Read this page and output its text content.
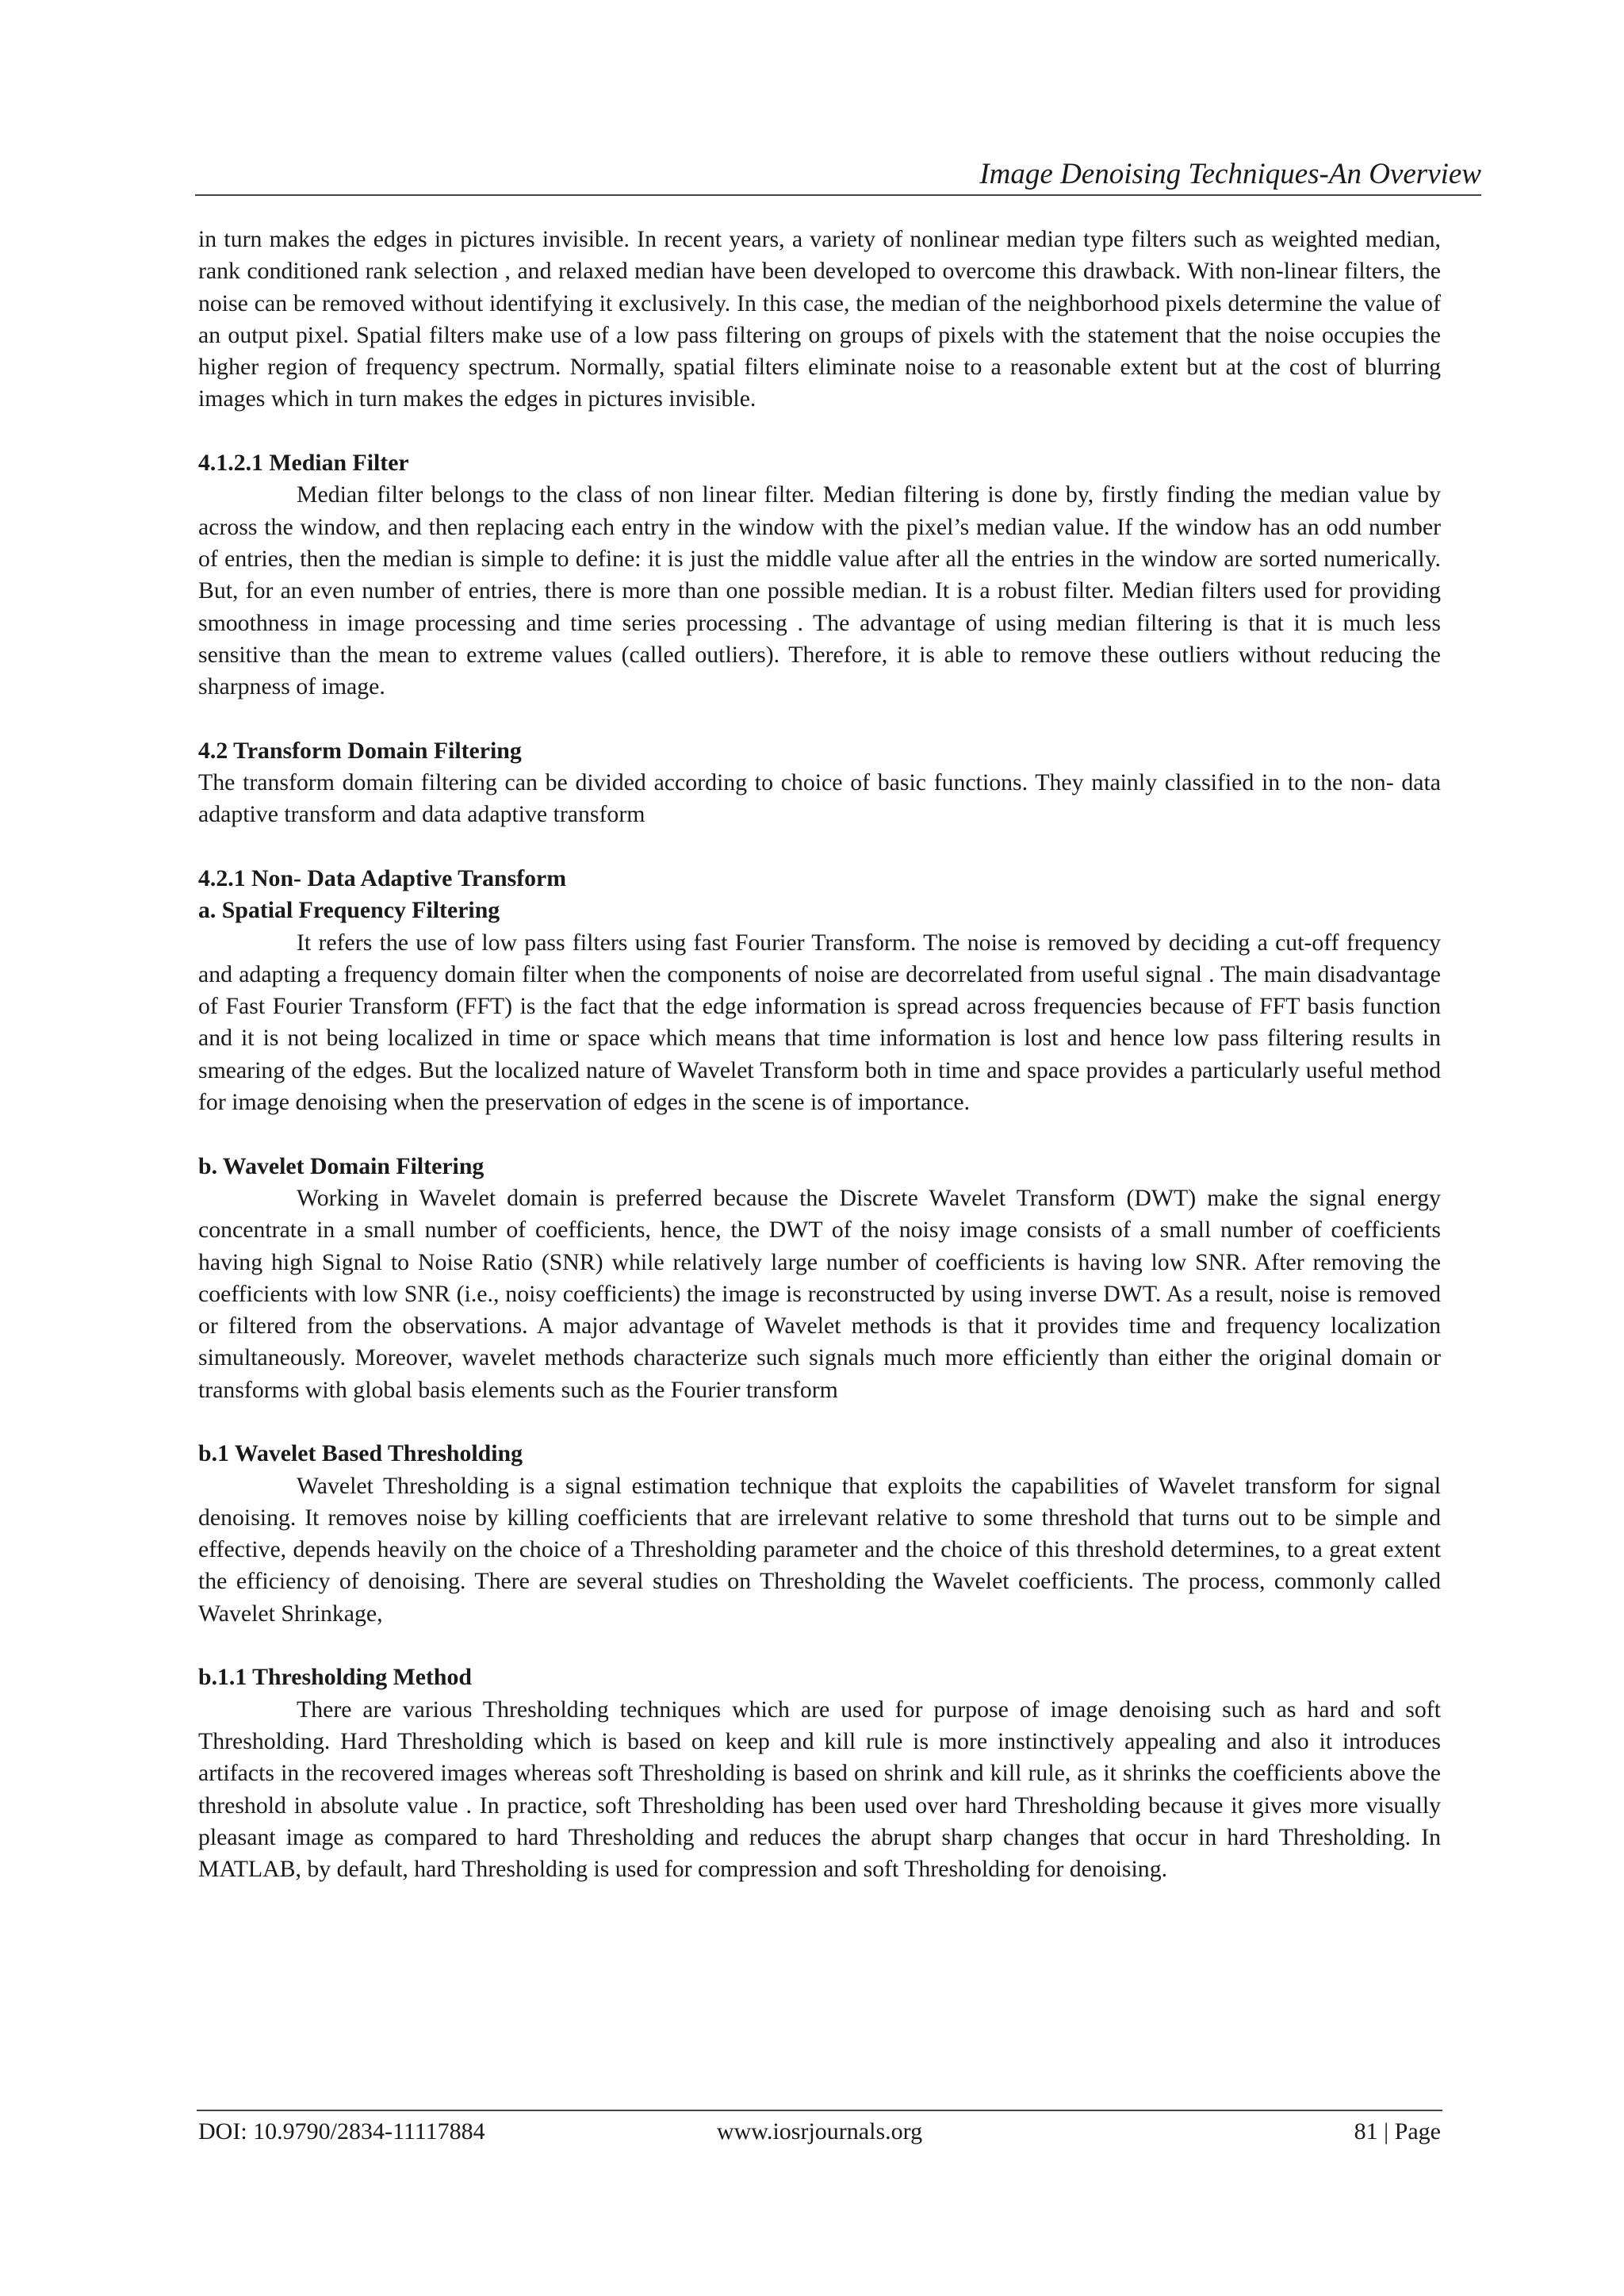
Image Denoising Techniques-An Overview

in turn makes the edges in pictures invisible. In recent years, a variety of nonlinear median type filters such as weighted median, rank conditioned rank selection , and relaxed median have been developed to overcome this drawback. With non-linear filters, the noise can be removed without identifying it exclusively. In this case, the median of the neighborhood pixels determine the value of an output pixel. Spatial filters make use of a low pass filtering on groups of pixels with the statement that the noise occupies the higher region of frequency spectrum. Normally, spatial filters eliminate noise to a reasonable extent but at the cost of blurring images which in turn makes the edges in pictures invisible.

4.1.2.1 Median Filter

Median filter belongs to the class of non linear filter. Median filtering is done by, firstly finding the median value by across the window, and then replacing each entry in the window with the pixel’s median value. If the window has an odd number of entries, then the median is simple to define: it is just the middle value after all the entries in the window are sorted numerically. But, for an even number of entries, there is more than one possible median. It is a robust filter. Median filters used for providing smoothness in image processing and time series processing . The advantage of using median filtering is that it is much less sensitive than the mean to extreme values (called outliers). Therefore, it is able to remove these outliers without reducing the sharpness of image.

4.2 Transform Domain Filtering

The transform domain filtering can be divided according to choice of basic functions. They mainly classified in to the non- data adaptive transform and data adaptive transform

4.2.1 Non- Data Adaptive Transform
a. Spatial Frequency Filtering

It refers the use of low pass filters using fast Fourier Transform. The noise is removed by deciding a cut-off frequency and adapting a frequency domain filter when the components of noise are decorrelated from useful signal . The main disadvantage of Fast Fourier Transform (FFT) is the fact that the edge information is spread across frequencies because of FFT basis function and it is not being localized in time or space which means that time information is lost and hence low pass filtering results in smearing of the edges. But the localized nature of Wavelet Transform both in time and space provides a particularly useful method for image denoising when the preservation of edges in the scene is of importance.

b. Wavelet Domain Filtering

Working in Wavelet domain is preferred because the Discrete Wavelet Transform (DWT) make the signal energy concentrate in a small number of coefficients, hence, the DWT of the noisy image consists of a small number of coefficients having high Signal to Noise Ratio (SNR) while relatively large number of coefficients is having low SNR. After removing the coefficients with low SNR (i.e., noisy coefficients) the image is reconstructed by using inverse DWT. As a result, noise is removed or filtered from the observations. A major advantage of Wavelet methods is that it provides time and frequency localization simultaneously. Moreover, wavelet methods characterize such signals much more efficiently than either the original domain or transforms with global basis elements such as the Fourier transform

b.1 Wavelet Based Thresholding

Wavelet Thresholding is a signal estimation technique that exploits the capabilities of Wavelet transform for signal denoising. It removes noise by killing coefficients that are irrelevant relative to some threshold that turns out to be simple and effective, depends heavily on the choice of a Thresholding parameter and the choice of this threshold determines, to a great extent the efficiency of denoising. There are several studies on Thresholding the Wavelet coefficients. The process, commonly called Wavelet Shrinkage,

b.1.1 Thresholding Method

There are various Thresholding techniques which are used for purpose of image denoising such as hard and soft Thresholding. Hard Thresholding which is based on keep and kill rule is more instinctively appealing and also it introduces artifacts in the recovered images whereas soft Thresholding is based on shrink and kill rule, as it shrinks the coefficients above the threshold in absolute value . In practice, soft Thresholding has been used over hard Thresholding because it gives more visually pleasant image as compared to hard Thresholding and reduces the abrupt sharp changes that occur in hard Thresholding. In MATLAB, by default, hard Thresholding is used for compression and soft Thresholding for denoising.

DOI: 10.9790/2834-11117884	www.iosrjournals.org	81 | Page
